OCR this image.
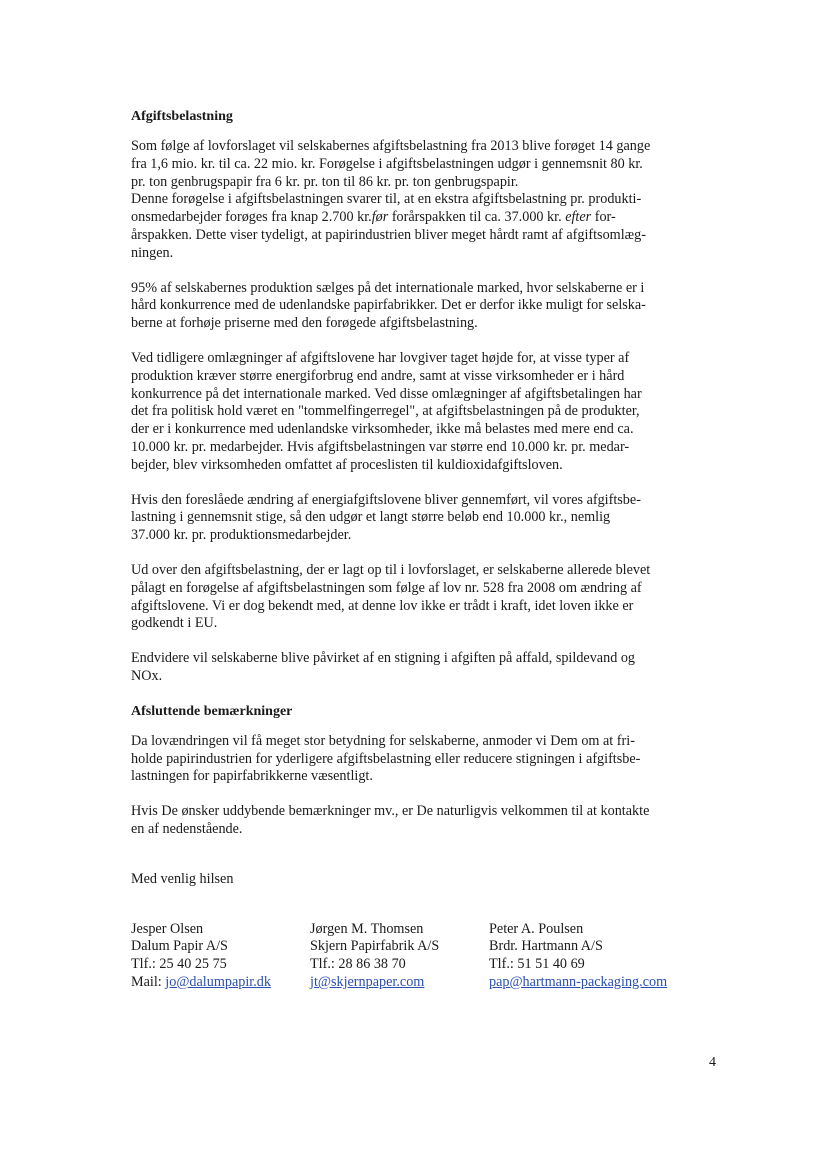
Afgiftsbelastning

Som følge af lovforslaget vil selskabernes afgiftsbelastning fra 2013 blive forøget 14 gange
fra 1,6 mio. kr. til ca. 22 mio. kr. Forøgelse i afgiftsbelastningen udgør i gennemsnit 80 kr.
pr. ton genbrugspapir fra 6 kr. pr. ton til 86 kr. pr. ton genbrugspapir.
Denne forøgelse i afgiftsbelastningen svarer til, at en ekstra afgiftsbelastning pr. produkti-
onsmedarbejder forøges fra knap 2.700 kr.før forårspakken til ca. 37.000 kr. efter for-
årspakken. Dette viser tydeligt, at papirindustrien bliver meget hårdt ramt af afgiftsomlæg-
ningen.

95% af selskabernes produktion sælges på det internationale marked, hvor selskaberne er i
hård konkurrence med de udenlandske papirfabrikker. Det er derfor ikke muligt for selska-
berne at forhøje priserne med den forøgede afgiftsbelastning.

Ved tidligere omlægninger af afgiftslovene har lovgiver taget højde for, at visse typer af
produktion kræver større energiforbrug end andre, samt at visse virksomheder er i hård
konkurrence på det internationale marked. Ved disse omlægninger af afgiftsbetalingen har
det fra politisk hold været en "tommelfingerregel", at afgiftsbelastningen på de produkter,
der er i konkurrence med udenlandske virksomheder, ikke må belastes med mere end ca.
10.000 kr. pr. medarbejder. Hvis afgiftsbelastningen var større end 10.000 kr. pr. medar-
bejder, blev virksomheden omfattet af proceslisten til kuldioxidafgiftsloven.

Hvis den foreslåede ændring af energiafgiftslovene bliver gennemført, vil vores afgiftsbe-
lastning i gennemsnit stige, så den udgør et langt større beløb end 10.000 kr., nemlig
37.000 kr. pr. produktionsmedarbejder.

Ud over den afgiftsbelastning, der er lagt op til i lovforslaget, er selskaberne allerede blevet
pålagt en forøgelse af afgiftsbelastningen som følge af lov nr. 528 fra 2008 om ændring af
afgiftslovene. Vi er dog bekendt med, at denne lov ikke er trådt i kraft, idet loven ikke er
godkendt i EU.

Endvidere vil selskaberne blive påvirket af en stigning i afgiften på affald, spildevand og
NOx.

Afsluttende bemærkninger

Da lovændringen vil få meget stor betydning for selskaberne, anmoder vi Dem om at fri-
holde papirindustrien for yderligere afgiftsbelastning eller reducere stigningen i afgiftsbe-
lastningen for papirfabrikkerne væsentligt.

Hvis De ønsker uddybende bemærkninger mv., er De naturligvis velkommen til at kontakte
en af nedenstående.

Med venlig hilsen

Jesper Olsen
Dalum Papir A/S
Tlf.: 25 40 25 75
Mail: jo@dalumpapir.dk
Jørgen M. Thomsen
Skjern Papirfabrik A/S
Tlf.: 28 86 38 70
jt@skjernpaper.com
Peter A. Poulsen
Brdr. Hartmann A/S
Tlf.: 51 51 40 69
pap@hartmann-packaging.com
4
